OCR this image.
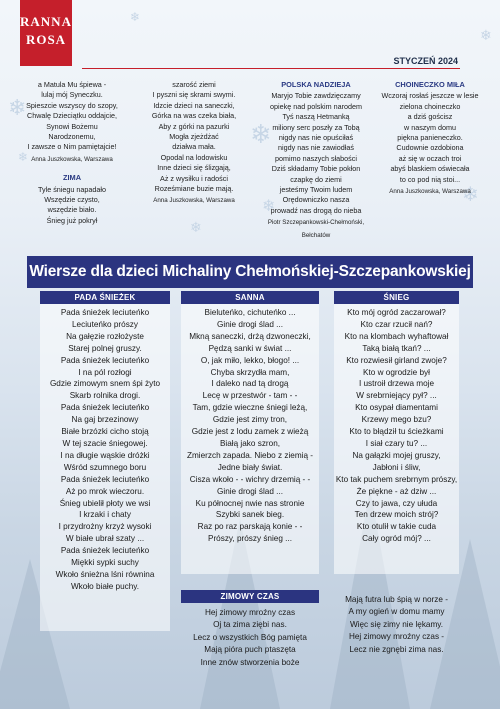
❄
❄
❄	❄
❄
❄
❄
❄
RANNA
ROSA
STYCZEŃ 2024
a Matula Mu śpiewa -
lulaj mój Syneczku.
Spieszcie wszyscy do szopy,
Chwalę Dzieciątku oddajcie,
Synowi Bożemu
Narodzonemu,
I zawsze o Nim pamiętajcie!
Anna Juszkowska, Warszawa
ZIMA
Tyle śniegu napadało
Wszędzie czysto,
wszędzie biało.
Śnieg już pokrył
szarość ziemi
I pyszni się skrami swymi.
Idzcie dzieci na saneczki,
Górka na was czeka biała,
Aby z górki na pazurki
Mogła zjeżdżać
działwa mała.
Opodal na lodowisku
Inne dzieci się ślizgają,
Aż z wysiłku i radości
Roześmiane buzie mają.
Anna Juszkowska, Warszawa
POLSKA NADZIEJA
Maryjo Tobie zawdzięczamy
opiekę nad polskim narodem
Tyś naszą Hetmanką
miliony serc poszły za Tobą
nigdy nas nie opuściłaś
nigdy nas nie zawiodłaś
pomimo naszych słabości
Dziś składamy Tobie pokłon
czapkę do ziemi
jesteśmy Twoim ludem
Orędowniczko nasza
prowadź nas drogą do nieba
Piotr Szczepankowski-Chełmoński,
Bełchatów
CHOINECZKO MIŁA
Wczoraj rosłaś jeszcze w lesie
zielona choineczko
a dziś gościsz
w naszym domu
piękna panieneczko.
Cudownie ozdobiona
aż się w oczach troi
abyś blaskiem oświecała
to co pod nią stoi...
Anna Juszkowska, Warszawa
Wiersze dla dzieci Michaliny Chełmońskiej-Szczepankowskiej
PADA ŚNIEŻEK
Pada śnieżek leciuteńko
Leciuteńko prószy
Na gałęzie rozłożyste
Starej polnej gruszy.
Pada śnieżek leciuteńko
I na pól rozłogi
Gdzie zimowym snem śpi żyto
Skarb rolnika drogi.
Pada śnieżek leciuteńko
Na gaj brzezinowy
Białe brzózki cicho stoją
W tej szacie śniegowej.
I na długie wąskie dróżki
Wśród szumnego boru
Pada śnieżek leciuteńko
Aż po mrok wieczoru.
Śnieg ubielił płoty we wsi
I krzaki i chaty
I przydrożny krzyż wysoki
W białe ubrał szaty ...
Pada śnieżek leciuteńko
Miękki sypki suchy
Wkoło śnieżna lśni równina
Wkoło białe puchy.
SANNA
Bieluteńko, cichuteńko ...
Ginie drogi ślad ...
Mkną saneczki, drżą dzwoneczki,
Pędzą sanki w świat ...
O, jak miło, lekko, błogo! ...
Chyba skrzydła mam,
I daleko nad tą drogą
Lecę w przestwór - tam - -
Tam, gdzie wieczne śniegi leżą,
Gdzie jest zimy tron,
Gdzie jest z lodu zamek z wieżą
Białą jako szron,
Zmierzch zapada. Niebo z ziemią -
Jedne biały świat.
Cisza wkoło - - wichry drzemią - -
Ginie drogi ślad ...
Ku północnej nwie nas stronie
Szybki sanek bieg.
Raz po raz parskają konie - -
Prószy, prószy śnieg ...
ŚNIEG
Kto mój ogród zaczarował?
Kto czar rzucił nań?
Kto na klombach wyhaftował
Taką białą tkań? ...
Kto rozwiesił girland zwoje?
Kto w ogrodzie był
I ustroił drzewa moje
W srebrniejący pył? ...
Kto osypał diamentami
Krzewy mego bzu?
Kto to błądził tu ścieżkami
I siał czary tu? ...
Na gałązki mojej gruszy,
Jabłoni i śliw,
Kto tak puchem srebrnym prószy,
Że piękne - aż dziw ...
Czy to jawa, czy ułuda
Ten drzew moich strój?
Kto otulił w takie cuda
Cały ogród mój? ...
ZIMOWY CZAS
Hej zimowy mroźny czas
Oj ta zima ziębi nas.
Lecz o wszystkich Bóg pamięta
Mają pióra puch ptaszęta
Inne znów stworzenia boże
Mają futra lub śpią w norze -
A my ogień w domu mamy
Więc się zimy nie lękamy.
Hej zimowy mroźny czas -
Lecz nie zgnębi zima nas.
